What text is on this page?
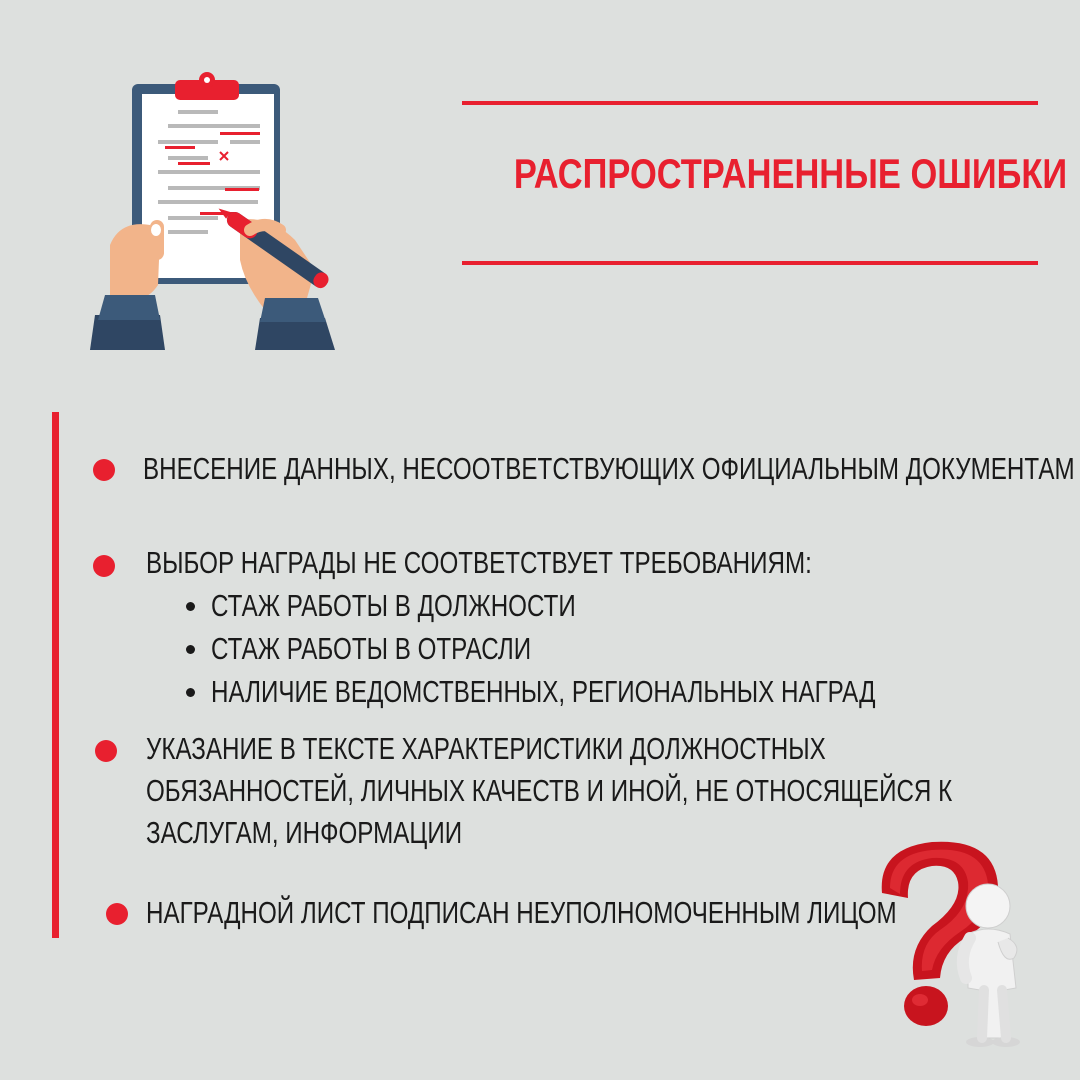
РАСПРОСТРАНЕННЫЕ ОШИБКИ
ВНЕСЕНИЕ ДАННЫХ, НЕСООТВЕТСТВУЮЩИХ ОФИЦИАЛЬНЫМ ДОКУМЕНТАМ
ВЫБОР НАГРАДЫ НЕ СООТВЕТСТВУЕТ ТРЕБОВАНИЯМ:
СТАЖ РАБОТЫ В ДОЛЖНОСТИ
СТАЖ РАБОТЫ В ОТРАСЛИ
НАЛИЧИЕ ВЕДОМСТВЕННЫХ, РЕГИОНАЛЬНЫХ НАГРАД
УКАЗАНИЕ В ТЕКСТЕ ХАРАКТЕРИСТИКИ ДОЛЖНОСТНЫХ
ОБЯЗАННОСТЕЙ, ЛИЧНЫХ КАЧЕСТВ И ИНОЙ, НЕ ОТНОСЯЩЕЙСЯ К
ЗАСЛУГАМ, ИНФОРМАЦИИ
НАГРАДНОЙ ЛИСТ ПОДПИСАН НЕУПОЛНОМОЧЕННЫМ ЛИЦОМ
